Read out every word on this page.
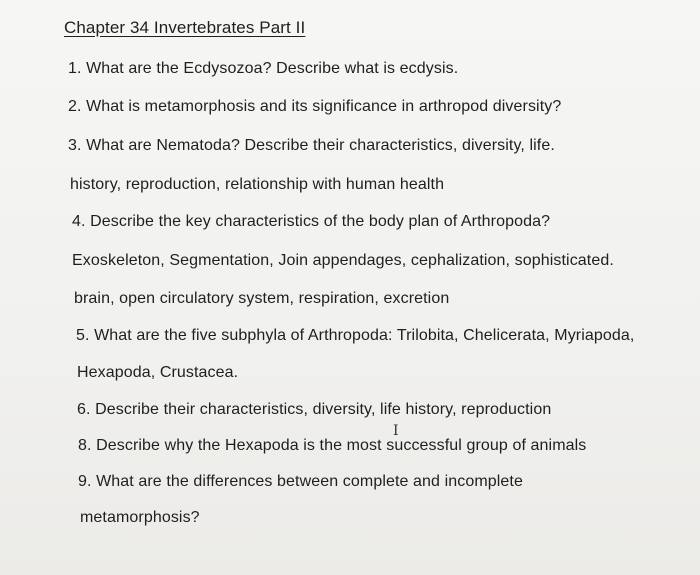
Chapter 34 Invertebrates Part II
1. What are the Ecdysozoa? Describe what is ecdysis.
2. What is metamorphosis and its significance in arthropod diversity?
3. What are Nematoda? Describe their characteristics, diversity, life.
history, reproduction, relationship with human health
4. Describe the key characteristics of the body plan of Arthropoda?
Exoskeleton, Segmentation, Join appendages, cephalization, sophisticated.
brain, open circulatory system, respiration, excretion
5. What are the five subphyla of Arthropoda: Trilobita, Chelicerata, Myriapoda,
Hexapoda, Crustacea.
6. Describe their characteristics, diversity, life history, reproduction
8. Describe why the Hexapoda is the most successful group of animals
9. What are the differences between complete and incomplete
metamorphosis?
I
